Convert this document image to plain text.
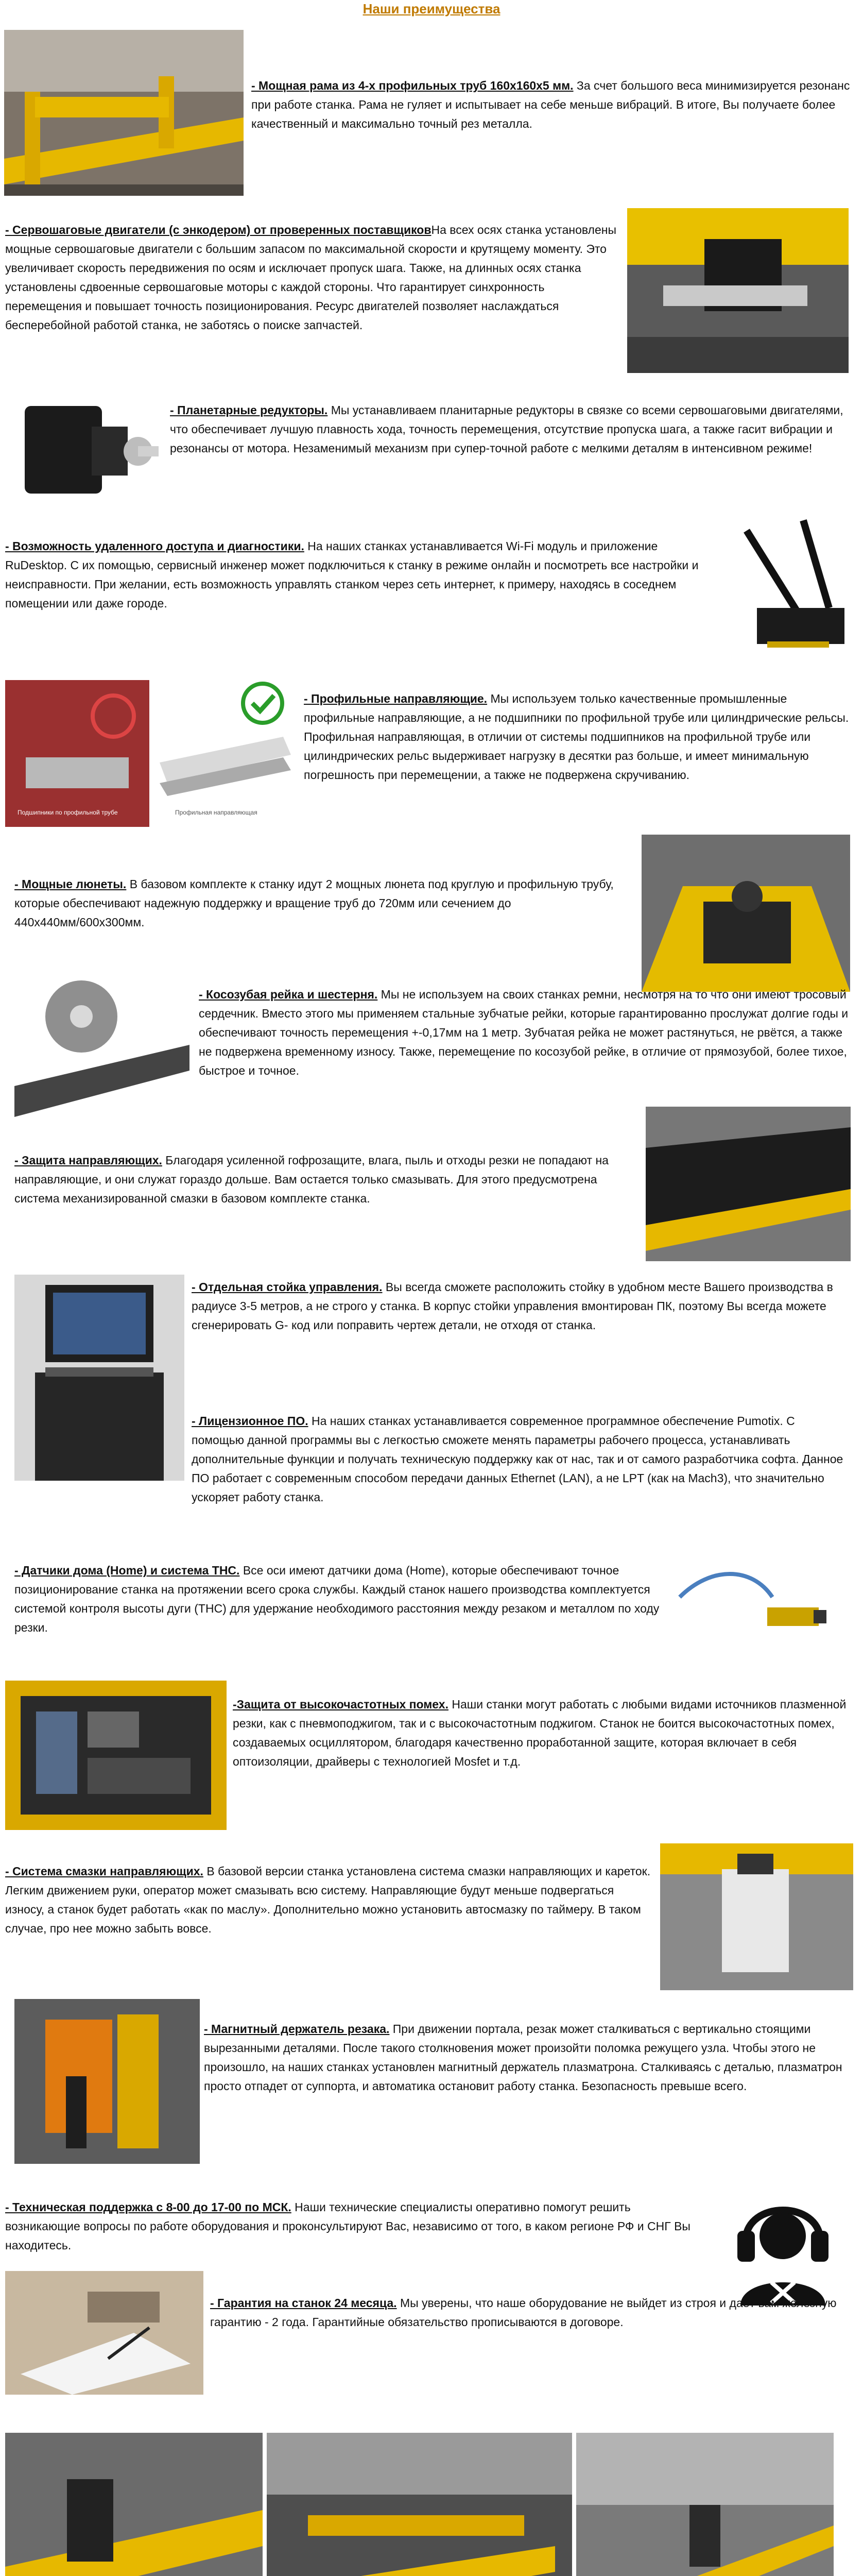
Наши преимущества
- Мощная рама из 4-х профильных труб 160х160х5 мм. За счет большого веса минимизируется резонанс при работе станка. Рама не гуляет и испытывает на себе меньше вибраций. В итоге, Вы получаете более качественный и максимально точный рез металла.
- Сервошаговые двигатели (с энкодером) от проверенных поставщиковНа всех осях станка установлены мощные сервошаговые двигатели с большим запасом по максимальной скорости и крутящему моменту. Это увеличивает скорость передвижения по осям и исключает пропуск шага. Также, на длинных осях станка установлены сдвоенные сервошаговые моторы с каждой стороны. Что гарантирует синхронность перемещения и повышает точность позиционирования. Ресурс двигателей позволяет наслаждаться бесперебойной работой станка, не заботясь о поиске запчастей.
- Планетарные редукторы. Мы устанавливаем планитарные редукторы в связке со всеми сервошаговыми двигателями, что обеспечивает лучшую плавность хода, точность перемещения, отсутствие пропуска шага, а также гасит вибрации и резонансы от мотора. Незаменимый механизм при супер-точной работе с мелкими деталям в интенсивном режиме!
- Возможность удаленного доступа и диагностики. На наших станках устанавливается Wi-Fi модуль и приложение RuDesktop. С их помощью, сервисный инженер может подключиться к станку в режиме онлайн и посмотреть все настройки и неисправности. При желании, есть возможность управлять станком через сеть интернет, к примеру, находясь в соседнем помещении или даже городе.
Подшипники по профильной трубе	Профильная направляющая
- Профильные направляющие. Мы используем только качественные промышленные профильные направляющие, а не подшипники по профильной трубе или цилиндрические рельсы. Профильная направляющая, в отличии от системы подшипников на профильной трубе или цилиндрических рельс выдерживает нагрузку в десятки раз больше, и имеет минимальную погрешность при перемещении, а также не подвержена скручиванию.
- Мощные люнеты. В базовом комплекте к станку идут 2 мощных люнета под круглую и профильную трубу, которые обеспечивают надежную поддержку и вращение труб до 720мм или сечением до 440х440мм/600х300мм.
- Косозубая рейка и шестерня. Мы не используем на своих станках ремни, несмотря на то что они имеют тросовый сердечник. Вместо этого мы применяем стальные зубчатые рейки, которые гарантированно прослужат долгие годы и обеспечивают точность перемещения +-0,17мм на 1 метр. Зубчатая рейка не может растянуться, не рвётся, а также не подвержена временному износу. Также, перемещение по косозубой рейке, в отличие от прямозубой, более тихое, быстрое и точное.
- Защита направляющих. Благодаря усиленной гофрозащите, влага, пыль и отходы резки не попадают на направляющие, и они служат гораздо дольше. Вам остается только смазывать. Для этого предусмотрена система механизированной смазки в базовом комплекте станка.
- Отдельная стойка управления. Вы всегда сможете расположить стойку в удобном месте Вашего производства в радиусе 3-5 метров, а не строго у станка. В корпус стойки управления вмонтирован ПК, поэтому Вы всегда можете сгенерировать G- код или поправить чертеж детали, не отходя от станка.
- Лицензионное ПО. На наших станках устанавливается современное программное обеспечение Pumotix. С помощью данной программы вы с легкостью сможете менять параметры рабочего процесса, устанавливать дополнительные функции и получать техническую поддержку как от нас, так и от самого разработчика софта. Данное ПО работает с современным способом передачи данных Ethernet (LAN), а не LPT (как на Mach3), что значительно ускоряет работу станка.
- Датчики дома (Home) и система THC. Все оси имеют датчики дома (Home), которые обеспечивают точное позиционирование станка на протяжении всего срока службы. Каждый станок нашего производства комплектуется системой контроля высоты дуги (THC) для удержание необходимого расстояния между резаком и металлом по ходу резки.
-Защита от высокочастотных помех. Наши станки могут работать с любыми видами источников плазменной резки, как с пневмоподжигом, так и с высокочастотным поджигом. Станок не боится высокочастотных помех, создаваемых осциллятором, благодаря качественно проработанной защите, которая включает в себя оптоизоляции, драйверы с технологией Mosfet и т.д.
- Система смазки направляющих. В базовой версии станка установлена система смазки направляющих и кареток. Легким движением руки, оператор может смазывать всю систему. Направляющие будут меньше подвергаться износу, а станок будет работать «как по маслу». Дополнительно можно установить автосмазку по таймеру. В таком случае, про нее можно забыть вовсе.
- Магнитный держатель резака. При движении портала, резак может сталкиваться с вертикально стоящими вырезанными деталями. После такого столкновения может произойти поломка режущего узла. Чтобы этого не произошло, на наших станках установлен магнитный держатель плазматрона. Сталкиваясь с деталью, плазматрон просто отпадет от суппорта, и автоматика остановит работу станка. Безопасность превыше всего.
- Техническая поддержка с 8-00 до 17-00 по МСК. Наши технические специалисты оперативно помогут решить возникающие вопросы по работе оборудования и проконсультируют Вас, независимо от того, в каком регионе РФ и СНГ Вы находитесь.
- Гарантия на станок 24 месяца. Мы уверены, что наше оборудование не выйдет из строя и даёт вам железную гарантию - 2 года. Гарантийные обязательство прописываются в договоре.
